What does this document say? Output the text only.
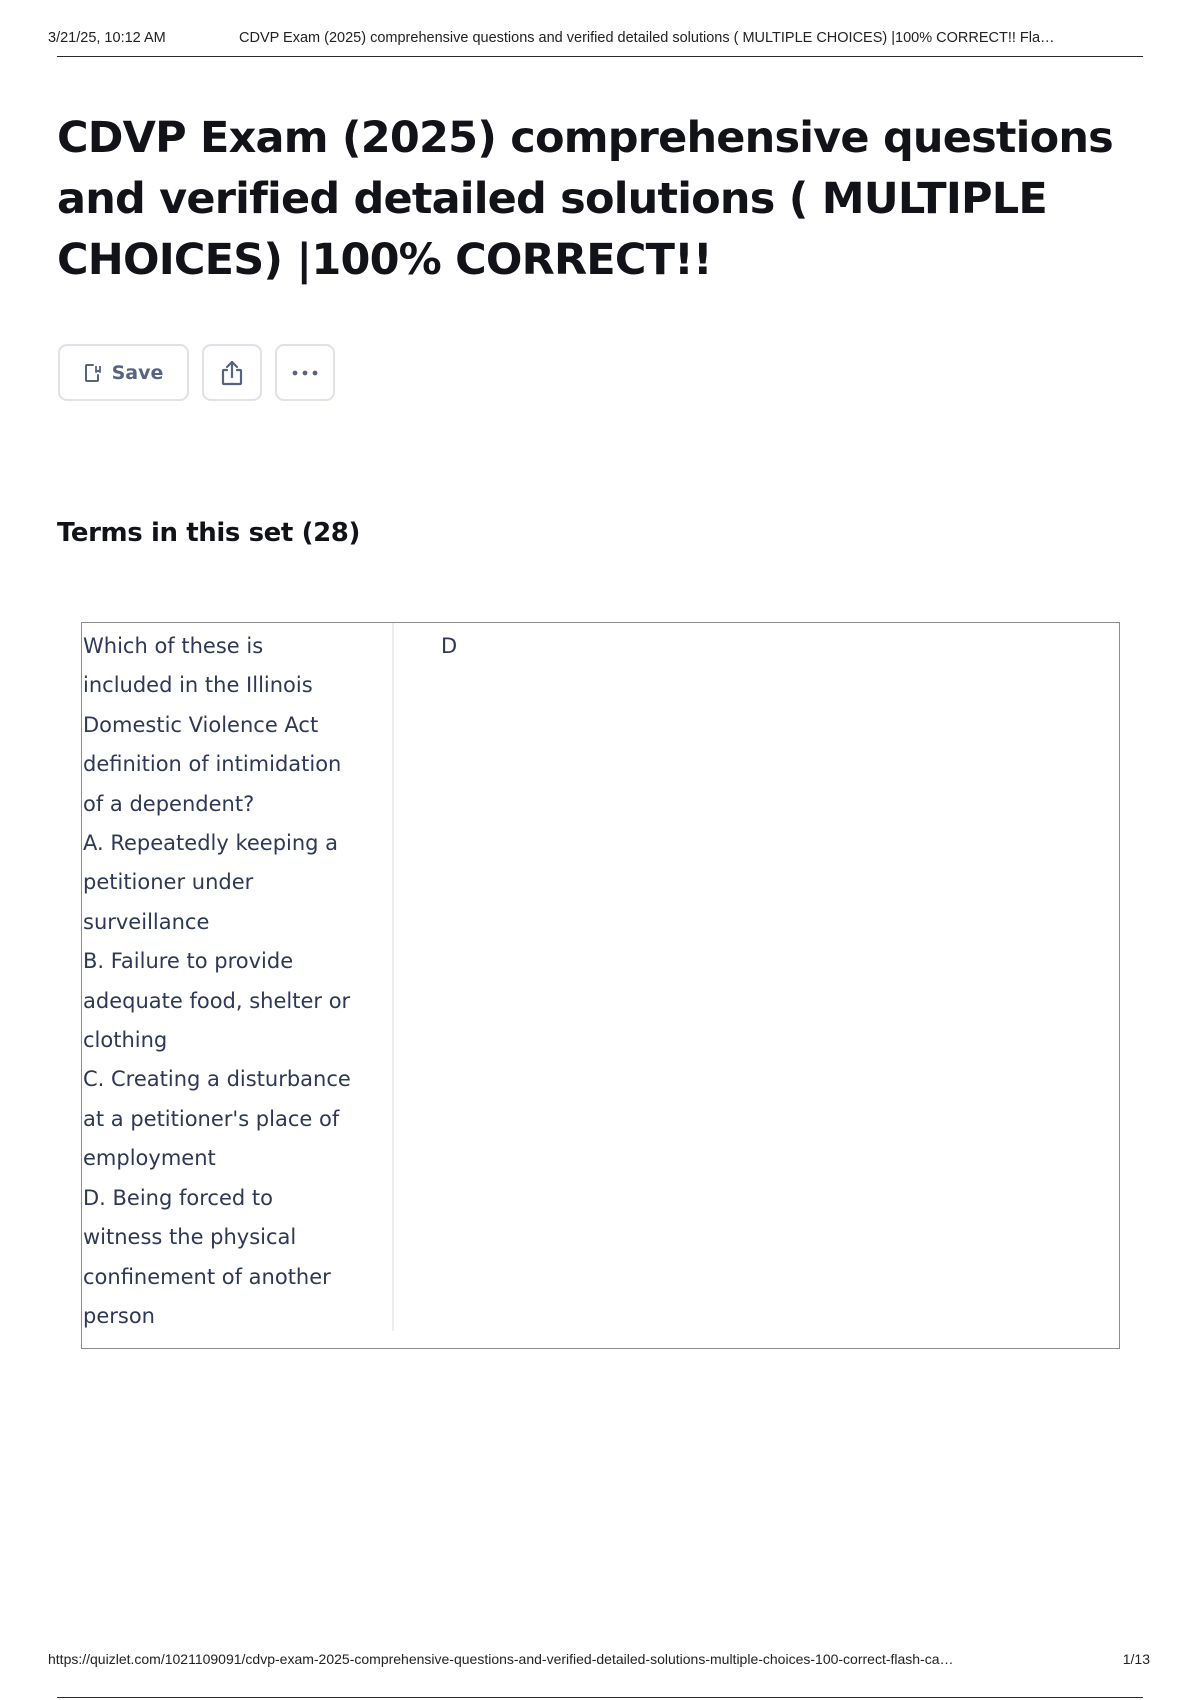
3/21/25, 10:12 AM	CDVP Exam (2025) comprehensive questions and verified detailed solutions ( MULTIPLE CHOICES) |100% CORRECT!! Fla…
CDVP Exam (2025) comprehensive questions and verified detailed solutions ( MULTIPLE CHOICES) |100% CORRECT!!
Save
Terms in this set (28)
Which of these is
included in the Illinois
Domestic Violence Act
definition of intimidation
of a dependent?
A. Repeatedly keeping a
petitioner under
surveillance
B. Failure to provide
adequate food, shelter or
clothing
C. Creating a disturbance
at a petitioner's place of
employment
D. Being forced to
witness the physical
confinement of another
person
D
https://quizlet.com/1021109091/cdvp-exam-2025-comprehensive-questions-and-verified-detailed-solutions-multiple-choices-100-correct-flash-ca…	1/13
